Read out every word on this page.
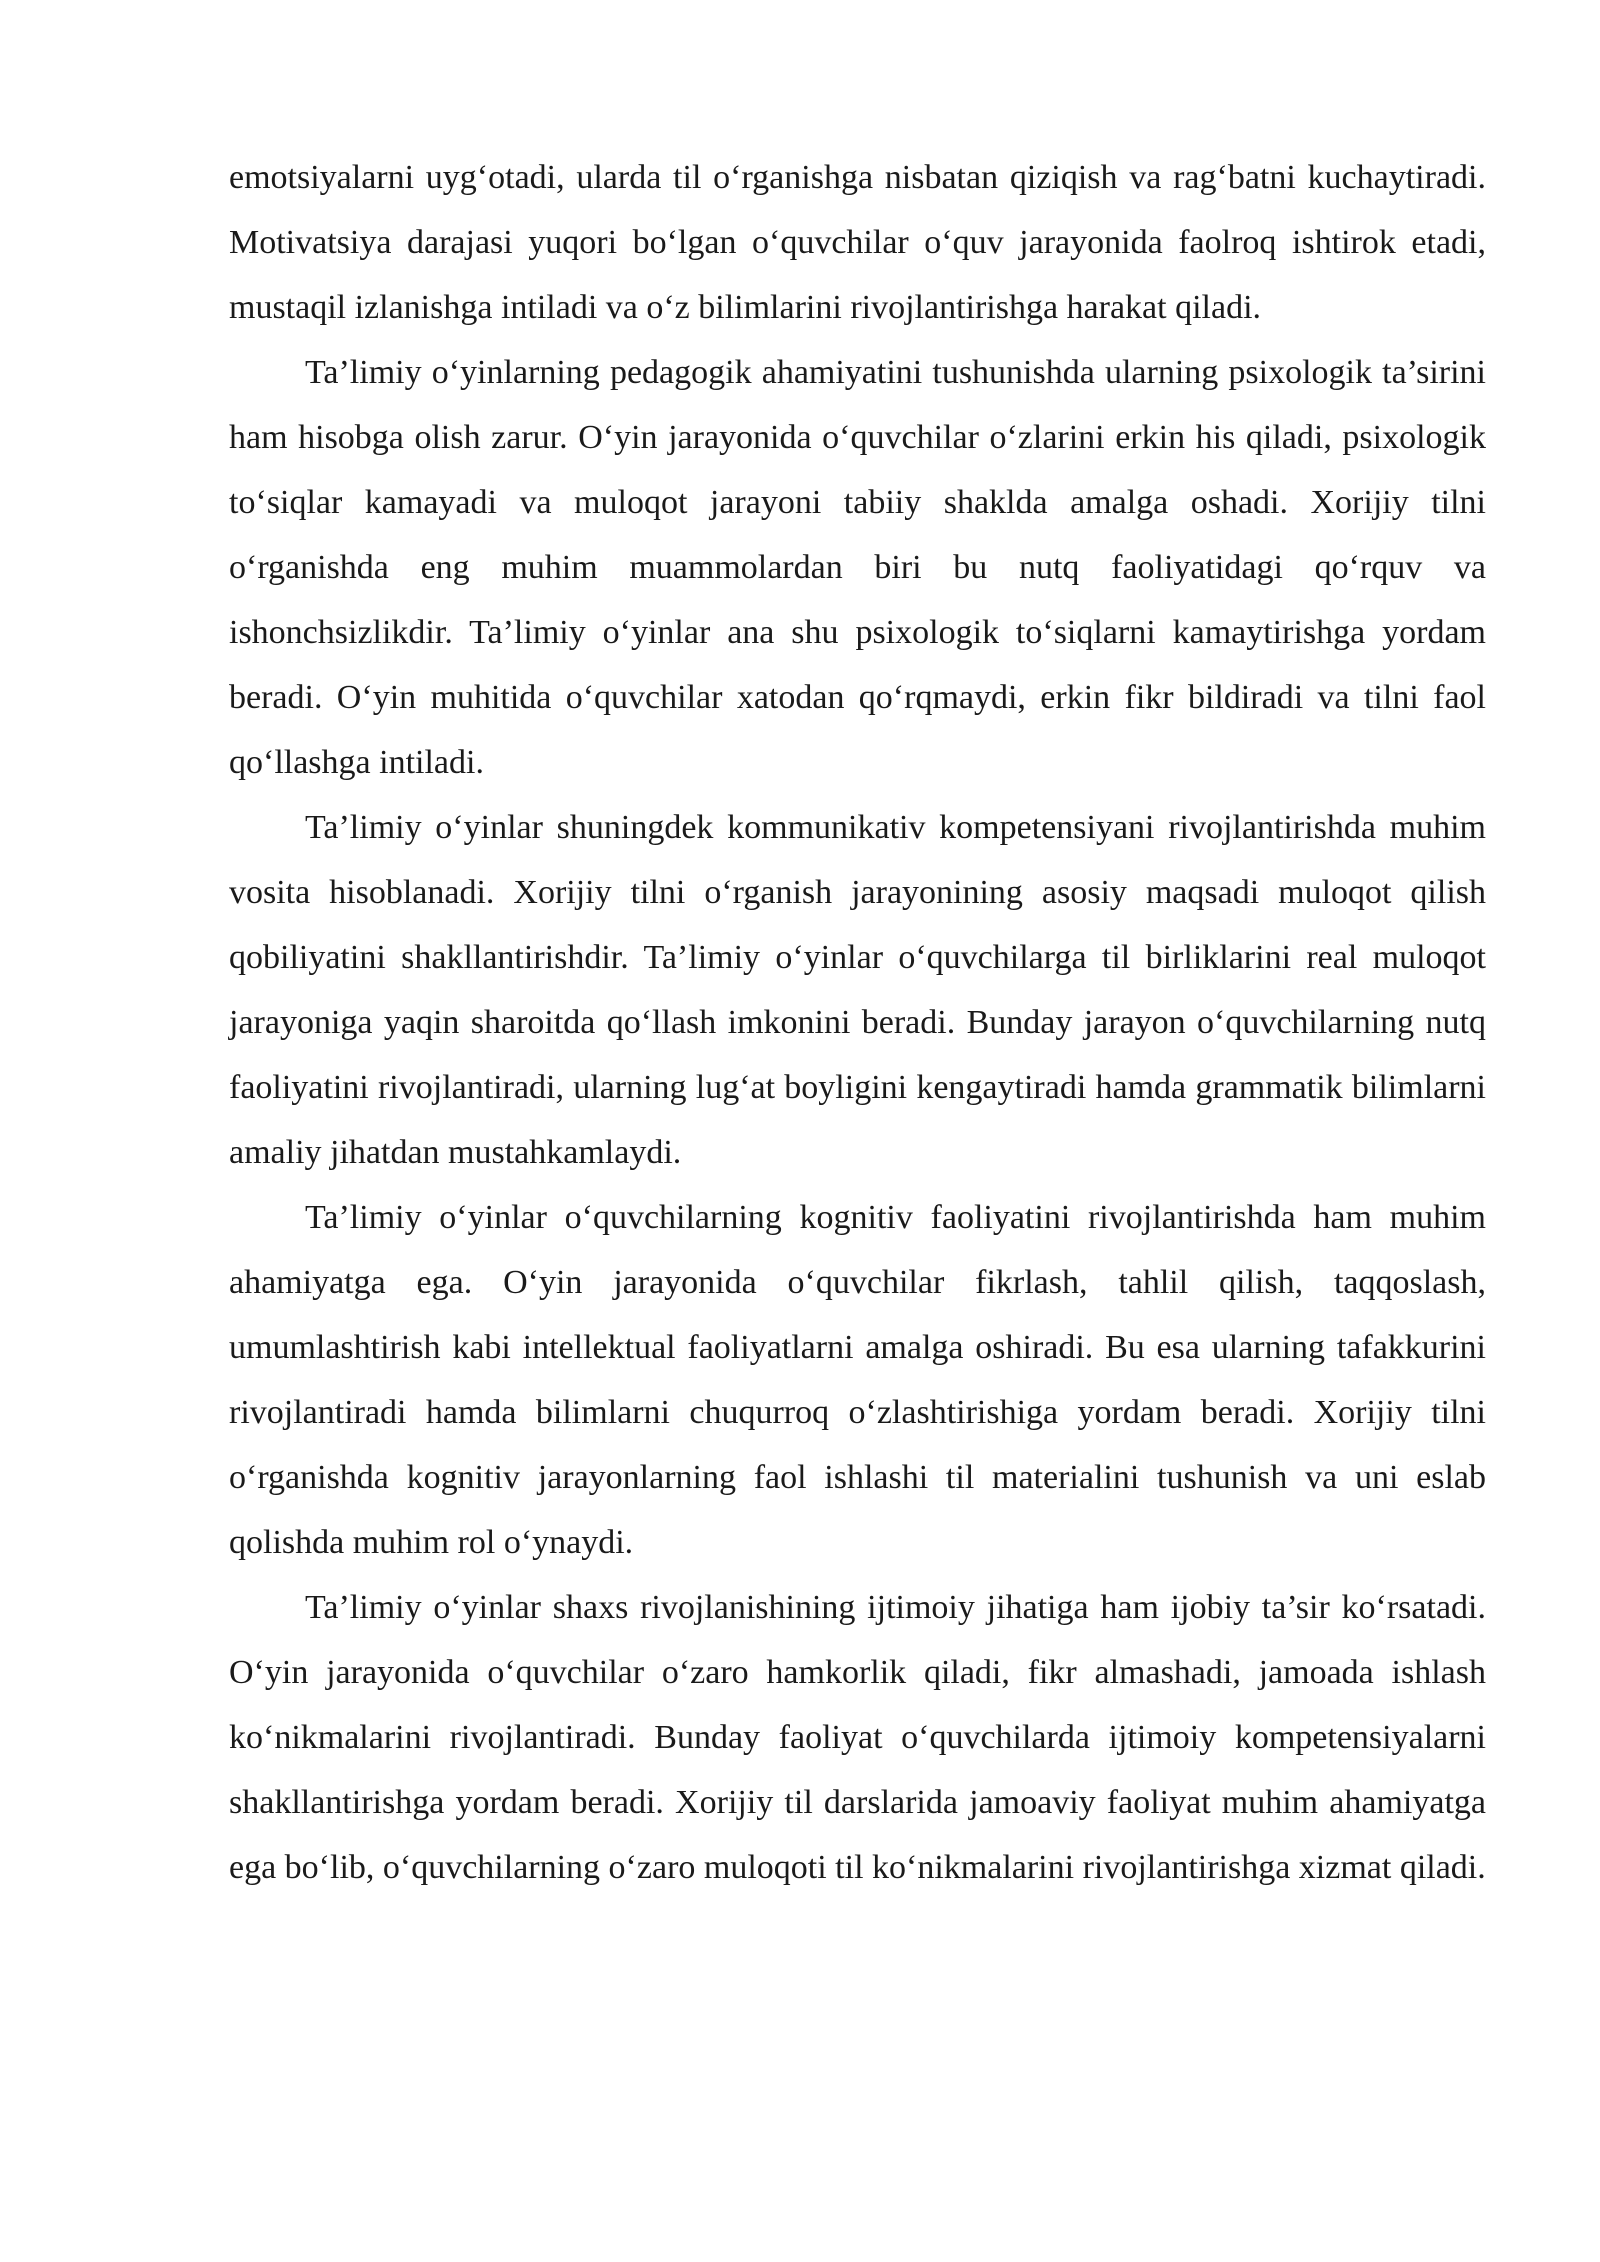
emotsiyalarni uyg‘otadi, ularda til o‘rganishga nisbatan qiziqish va rag‘batni kuchaytiradi. Motivatsiya darajasi yuqori bo‘lgan o‘quvchilar o‘quv jarayonida faolroq ishtirok etadi, mustaqil izlanishga intiladi va o‘z bilimlarini rivojlantirishga harakat qiladi.

Ta’limiy o‘yinlarning pedagogik ahamiyatini tushunishda ularning psixologik ta’sirini ham hisobga olish zarur. O‘yin jarayonida o‘quvchilar o‘zlarini erkin his qiladi, psixologik to‘siqlar kamayadi va muloqot jarayoni tabiiy shaklda amalga oshadi. Xorijiy tilni o‘rganishda eng muhim muammolardan biri bu nutq faoliyatidagi qo‘rquv va ishonchsizlikdir. Ta’limiy o‘yinlar ana shu psixologik to‘siqlarni kamaytirishga yordam beradi. O‘yin muhitida o‘quvchilar xatodan qo‘rqmaydi, erkin fikr bildiradi va tilni faol qo‘llashga intiladi.

Ta’limiy o‘yinlar shuningdek kommunikativ kompetensiyani rivojlantirishda muhim vosita hisoblanadi. Xorijiy tilni o‘rganish jarayonining asosiy maqsadi muloqot qilish qobiliyatini shakllantirishdir. Ta’limiy o‘yinlar o‘quvchilarga til birliklarini real muloqot jarayoniga yaqin sharoitda qo‘llash imkonini beradi. Bunday jarayon o‘quvchilarning nutq faoliyatini rivojlantiradi, ularning lug‘at boyligini kengaytiradi hamda grammatik bilimlarni amaliy jihatdan mustahkamlaydi.

Ta’limiy o‘yinlar o‘quvchilarning kognitiv faoliyatini rivojlantirishda ham muhim ahamiyatga ega. O‘yin jarayonida o‘quvchilar fikrlash, tahlil qilish, taqqoslash, umumlashtirish kabi intellektual faoliyatlarni amalga oshiradi. Bu esa ularning tafakkurini rivojlantiradi hamda bilimlarni chuqurroq o‘zlashtirishiga yordam beradi. Xorijiy tilni o‘rganishda kognitiv jarayonlarning faol ishlashi til materialini tushunish va uni eslab qolishda muhim rol o‘ynaydi.

Ta’limiy o‘yinlar shaxs rivojlanishining ijtimoiy jihatiga ham ijobiy ta’sir ko‘rsatadi. O‘yin jarayonida o‘quvchilar o‘zaro hamkorlik qiladi, fikr almashadi, jamoada ishlash ko‘nikmalarini rivojlantiradi. Bunday faoliyat o‘quvchilarda ijtimoiy kompetensiyalarni shakllantirishga yordam beradi. Xorijiy til darslarida jamoaviy faoliyat muhim ahamiyatga ega bo‘lib, o‘quvchilarning o‘zaro muloqoti til ko‘nikmalarini rivojlantirishga xizmat qiladi.
